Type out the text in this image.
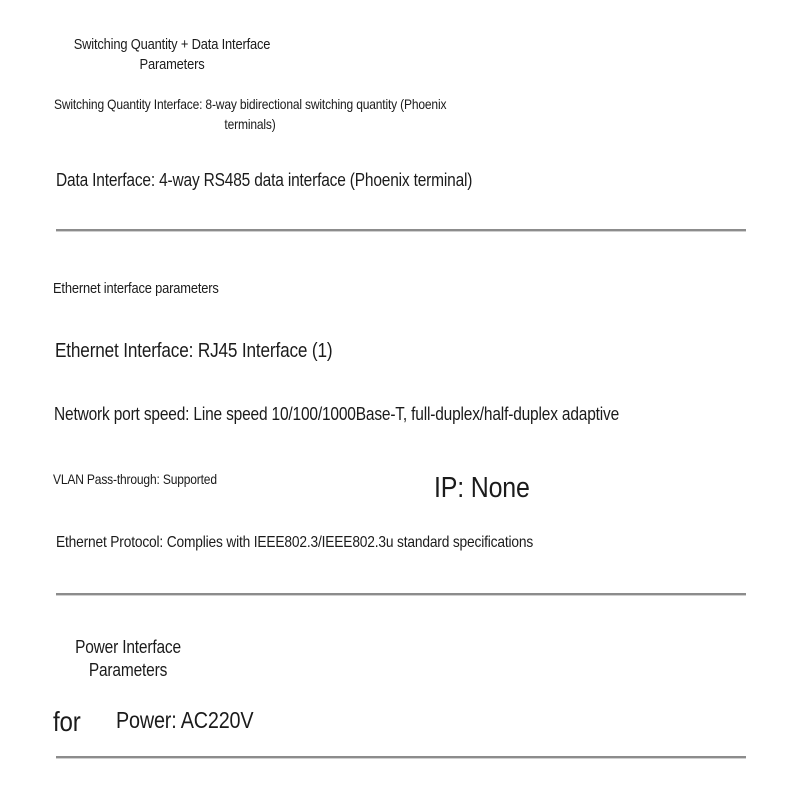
Switching Quantity + Data Interface
Parameters
Switching Quantity Interface: 8-way bidirectional switching quantity (Phoenix
terminals)
Data Interface: 4-way RS485 data interface (Phoenix terminal)
Ethernet interface parameters
Ethernet Interface: RJ45 Interface (1)
Network port speed: Line speed 10/100/1000Base-T, full-duplex/half-duplex adaptive
VLAN Pass-through: Supported	IP: None
Ethernet Protocol: Complies with IEEE802.3/IEEE802.3u standard specifications
Power Interface
Parameters
for Power: AC220V
